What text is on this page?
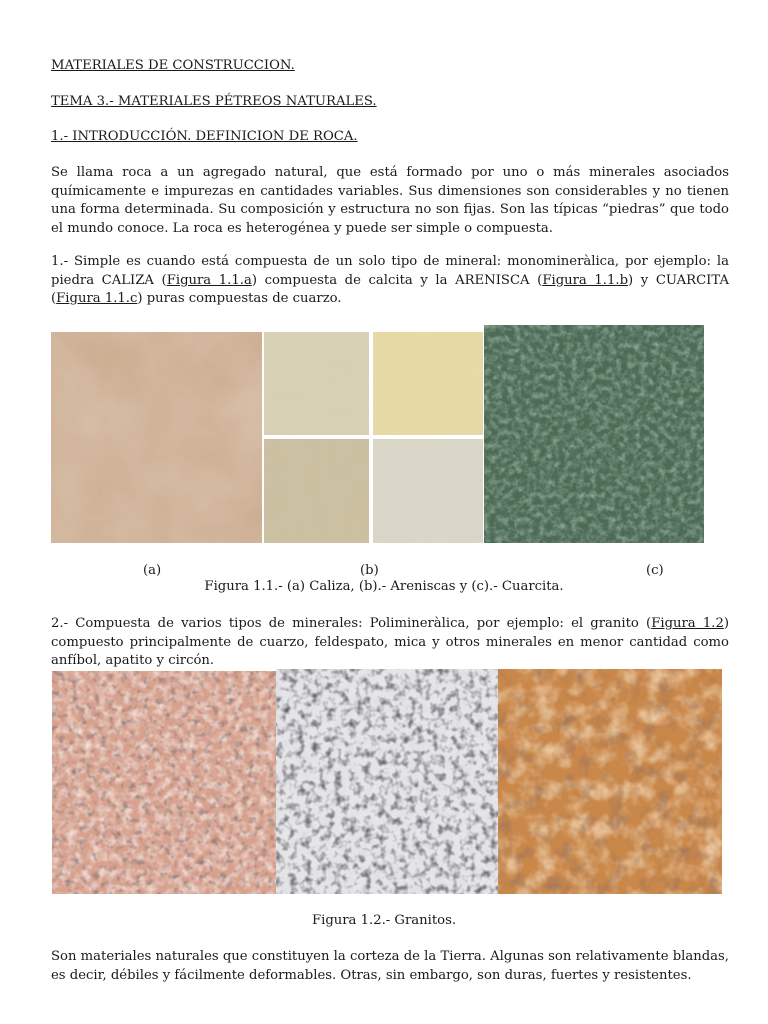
MATERIALES DE CONSTRUCCION.
TEMA 3.- MATERIALES PÉTREOS NATURALES.
1.- INTRODUCCIÓN. DEFINICION DE ROCA.
Se llama roca a un agregado natural, que está formado por uno o más minerales asociados químicamente e impurezas en cantidades variables. Sus dimensiones son considerables y no tienen una forma determinada. Su composición y estructura no son fijas. Son las típicas “piedras” que todo el mundo conoce. La roca es heterogénea y puede ser simple o compuesta.
1.- Simple es cuando está compuesta de un solo tipo de mineral: monomineràlica, por ejemplo: la piedra CALIZA (Figura 1.1.a) compuesta de calcita y la ARENISCA (Figura 1.1.b) y CUARCITA (Figura 1.1.c) puras compuestas de cuarzo.
(a)	(b)	(c)
Figura 1.1.- (a) Caliza, (b).- Areniscas y (c).- Cuarcita.
2.- Compuesta de varios tipos de minerales: Polimineràlica, por ejemplo: el granito (Figura 1.2) compuesto principalmente de cuarzo, feldespato, mica y otros minerales en menor cantidad como anfíbol, apatito y circón.
Figura 1.2.- Granitos.
Son materiales naturales que constituyen la corteza de la Tierra. Algunas son relativamente blandas, es decir, débiles y fácilmente deformables. Otras, sin embargo, son duras, fuertes y resistentes.
